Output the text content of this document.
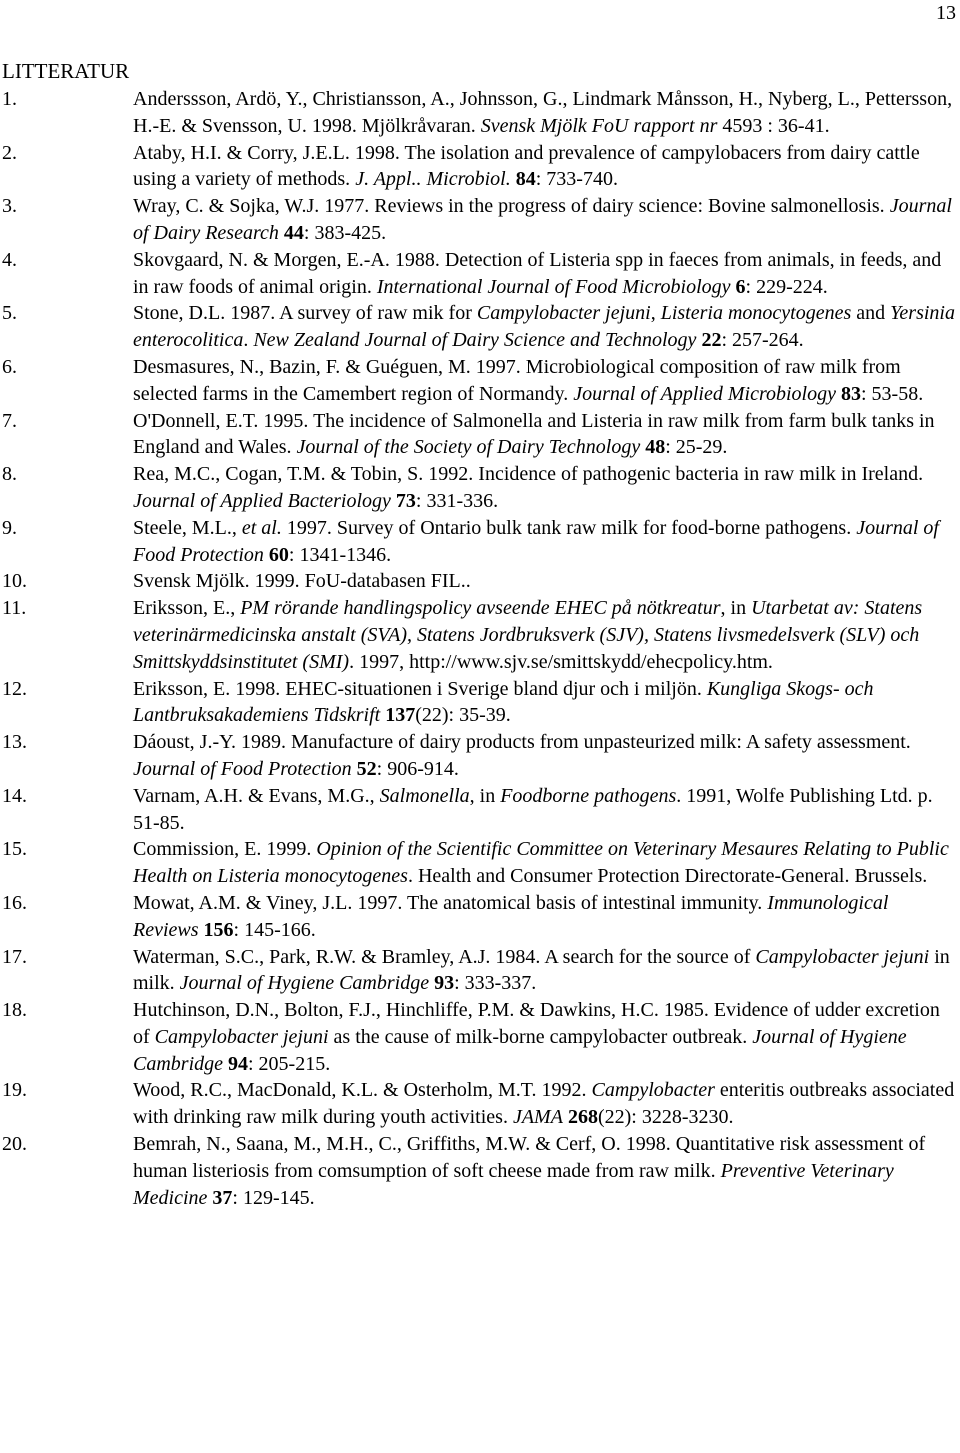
13
LITTERATUR
1.	Anderssson, Ardö, Y., Christiansson, A., Johnsson, G., Lindmark Månsson, H., Nyberg, L., Pettersson, H.-E. & Svensson, U. 1998. Mjölkråvaran. Svensk Mjölk FoU rapport nr 4593 : 36-41.
2.	Ataby, H.I. & Corry, J.E.L. 1998. The isolation and prevalence of campylobacers from dairy cattle using a variety of methods. J. Appl.. Microbiol. 84: 733-740.
3.	Wray, C. & Sojka, W.J. 1977. Reviews in the progress of dairy science: Bovine salmonellosis. Journal of Dairy Research 44: 383-425.
4.	Skovgaard, N. & Morgen, E.-A. 1988. Detection of Listeria spp in faeces from animals, in feeds, and in raw foods of animal origin. International Journal of Food Microbiology 6: 229-224.
5.	Stone, D.L. 1987. A survey of raw mik for Campylobacter jejuni, Listeria monocytogenes and Yersinia enterocolitica. New Zealand Journal of Dairy Science and Technology 22: 257-264.
6.	Desmasures, N., Bazin, F. & Guéguen, M. 1997. Microbiological composition of raw milk from selected farms in the Camembert region of Normandy. Journal of Applied Microbiology 83: 53-58.
7.	O'Donnell, E.T. 1995. The incidence of Salmonella and Listeria in raw milk from farm bulk tanks in England and Wales. Journal of the Society of Dairy Technology 48: 25-29.
8.	Rea, M.C., Cogan, T.M. & Tobin, S. 1992. Incidence of pathogenic bacteria in raw milk in Ireland. Journal of Applied Bacteriology 73: 331-336.
9.	Steele, M.L., et al. 1997. Survey of Ontario bulk tank raw milk for food-borne pathogens. Journal of Food Protection 60: 1341-1346.
10.	Svensk Mjölk. 1999. FoU-databasen FIL..
11.	Eriksson, E., PM rörande handlingspolicy avseende EHEC på nötkreatur, in Utarbetat av: Statens veterinärmedicinska anstalt (SVA), Statens Jordbruksverk (SJV), Statens livsmedelsverk (SLV) och Smittskyddsinstitutet (SMI). 1997, http://www.sjv.se/smittskydd/ehecpolicy.htm.
12.	Eriksson, E. 1998. EHEC-situationen i Sverige bland djur och i miljön. Kungliga Skogs- och Lantbruksakademiens Tidskrift 137(22): 35-39.
13.	Dáoust, J.-Y. 1989. Manufacture of dairy products from unpasteurized milk: A safety assessment. Journal of Food Protection 52: 906-914.
14.	Varnam, A.H. & Evans, M.G., Salmonella, in Foodborne pathogens. 1991, Wolfe Publishing Ltd. p. 51-85.
15.	Commission, E. 1999. Opinion of the Scientific Committee on Veterinary Mesaures Relating to Public Health on Listeria monocytogenes. Health and Consumer Protection Directorate-General. Brussels.
16.	Mowat, A.M. & Viney, J.L. 1997. The anatomical basis of intestinal immunity. Immunological Reviews 156: 145-166.
17.	Waterman, S.C., Park, R.W. & Bramley, A.J. 1984. A search for the source of Campylobacter jejuni in milk. Journal of Hygiene Cambridge 93: 333-337.
18.	Hutchinson, D.N., Bolton, F.J., Hinchliffe, P.M. & Dawkins, H.C. 1985. Evidence of udder excretion of Campylobacter jejuni as the cause of milk-borne campylobacter outbreak. Journal of Hygiene Cambridge 94: 205-215.
19.	Wood, R.C., MacDonald, K.L. & Osterholm, M.T. 1992. Campylobacter enteritis outbreaks associated with drinking raw milk during youth activities. JAMA 268(22): 3228-3230.
20.	Bemrah, N., Saana, M., M.H., C., Griffiths, M.W. & Cerf, O. 1998. Quantitative risk assessment of human listeriosis from comsumption of soft cheese made from raw milk. Preventive Veterinary Medicine 37: 129-145.
